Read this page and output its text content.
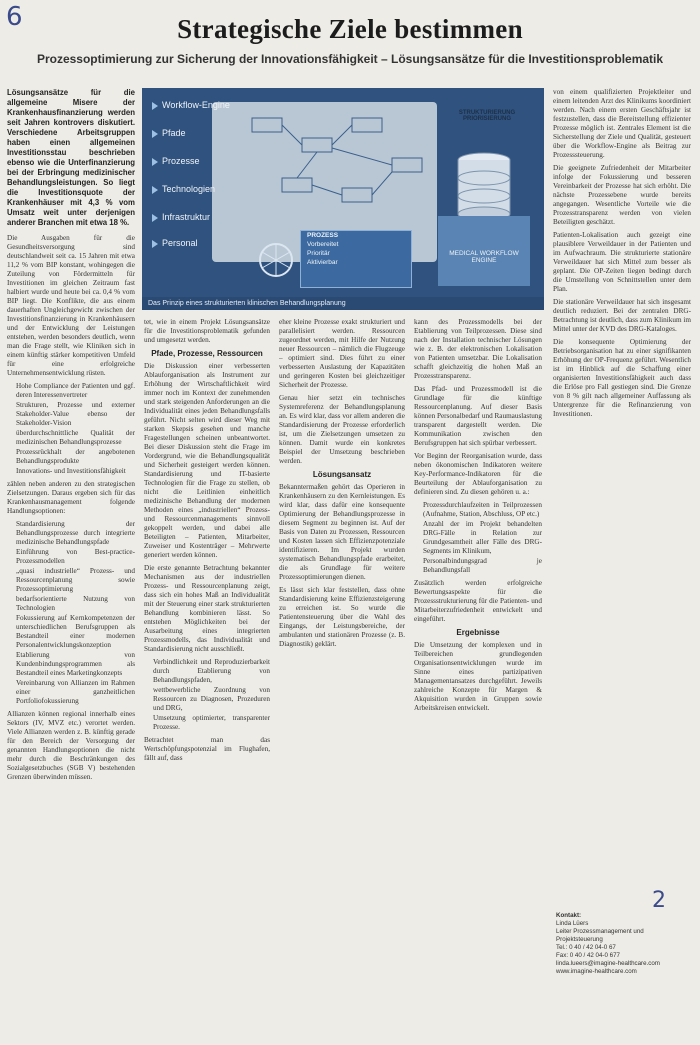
6	Strategische Ziele bestimmen
Prozessoptimierung zur Sicherung der Innovationsfähigkeit – Lösungsansätze für die Investitionsproblematik
Workflow-Engine
Pfade
Prozesse
Technologien
Infrastruktur
Personal
STRUKTURIERUNG PRIORISIERUNG
PROZESS
Vorbereitet
Prioritär
Aktivierbar
MEDICAL WORKFLOW ENGINE
Das Prinzip eines strukturierten klinischen Behandlungsplanung

Lösungsansätze für die allgemeine Misere der Krankenhausfinanzierung werden seit Jahren kontrovers diskutiert. Verschiedene Arbeitsgruppen haben einen allgemeinen Investitionsstau beschrieben ebenso wie die Unterfinanzierung bei der Erbringung medizinischer Behandlungsleistungen. So liegt die Investitionsquote der Krankenhäuser mit 4,3 % vom Umsatz weit unter derjenigen anderer Branchen mit etwa 18 %.

Die Ausgaben für die Gesundheitsversorgung sind deutschlandweit seit ca. 15 Jahren mit etwa 11,2 % vom BIP konstant, wohingegen die Zuteilung von Fördermitteln für Investitionen im gleichen Zeitraum fast halbiert wurde und heute bei ca. 0,4 % vom BIP liegt. Die Konflikte, die aus einem dauerhaften Ungleichgewicht zwischen der Investitionsfinanzierung in Krankenhäusern und der Entwicklung der Leistungen entstehen, werden besonders deutlich, wenn man die Frage stellt, wie Kliniken sich in einem künftig stärker kompetitiven Umfeld für eine erfolgreiche Unternehmensentwicklung rüsten.

• Hohe Compliance der Patienten und ggf. deren Interessenvertreter
• Strukturen, Prozesse und externer Stakeholder-Value ebenso der Stakeholder-Vision
• überdurchschnittliche Qualität der medizinischen Behandlungsprozesse
• Prozessrückhalt der angebotenen Behandlungsprodukte
• Innovations- und Investitionsfähigkeit

zählen neben anderen zu den strategischen Zielsetzungen. Daraus ergeben sich für das Krankenhausmanagement folgende Handlungsoptionen:

• Standardisierung der Behandlungsprozesse durch integrierte medizinische Behandlungspfade
• Einführung von Best-practice-Prozessmodellen
• „quasi industrielle“ Prozess- und Ressourcenplanung sowie Prozessoptimierung
• bedarfsorientierte Nutzung von Technologien
• Fokussierung auf Kernkompetenzen der unterschiedlichen Berufsgruppen als Bestandteil einer modernen Personalentwicklungskonzeption
• Etablierung von Kundenbindungsprogrammen als Bestandteil eines Marketingkonzepts
• Vereinbarung von Allianzen im Rahmen einer ganzheitlichen Portfoliofokussierung

Allianzen können regional innerhalb eines Sektors (IV, MVZ etc.) verortet werden. Viele Allianzen werden z. B. künftig gerade für den Bereich der Versorgung der genannten Handlungsoptionen die nicht mehr durch die Beschränkungen des Sozialgesetzbuches (SGB V) bestehenden Grenzen überwinden müssen.

tet, wie in einem Projekt Lösungsansätze für die Investitionsproblematik gefunden und umgesetzt werden.

Pfade, Prozesse, Ressourcen

Die Diskussion einer verbesserten Ablauforganisation als Instrument zur Erhöhung der Wirtschaftlichkeit wird immer noch im Kontext der zunehmenden und stark steigenden Anforderungen an die Individualität eines jeden Behandlungsfalls geführt. Nicht selten wird dieser Weg mit starken Skepsis gesehen und manche Fragestellungen scheinen unbeantwortet. Bei dieser Diskussion steht die Frage im Vordergrund, wie die Behandlungsqualität und Sicherheit gesteigert werden können. Standardisierung und IT-basierte Technologien für die Frage zu stellen, ob nicht die Leitlinien einheitlich medizinische Behandlung der modernen Methoden eines „industriellen“ Prozess- und Ressourcenmanagements sinnvoll gekoppelt werden, und dabei alle Beteiligten – Patienten, Mitarbeiter, Zuweiser und Kostenträger – Mehrwerte generiert werden können.

Die erste genannte Betrachtung bekannter Mechanismen aus der industriellen Prozess- und Ressourcenplanung zeigt, dass sich ein hohes Maß an Individualität mit der Steuerung einer stark strukturierten Behandlung kombinieren lässt. So entstehen Möglichkeiten bei der Ausarbeitung eines integrierten Prozessmodells, das Individualität und Standardisierung nicht ausschließt.

• Verbindlichkeit und Reproduzierbarkeit durch Etablierung von Behandlungspfaden,
• wettbewerbliche Zuordnung von Ressourcen zu Diagnosen, Prozeduren und DRG,
• Umsetzung optimierter, transparenter Prozesse.

Betrachtet man das Wertschöpfungspotenzial im Flughafen, fällt auf, dass

eher kleine Prozesse exakt strukturiert und parallelisiert werden. Ressourcen zugeordnet werden, mit Hilfe der Nutzung neuer Ressourcen – nämlich die Flugzeuge – optimiert sind. Dies führt zu einer verbesserten Auslastung der Kapazitäten und geringeren Kosten bei gleichzeitiger Sicherheit der Prozesse.

Genau hier setzt ein technisches Systemreferenz der Behandlungsplanung an. Es wird klar, dass vor allem anderen die Standardisierung der Prozesse erforderlich ist, um die Zielsetzungen umsetzen zu können. Damit wurde ein konkretes Beispiel der Umsetzung beschrieben werden.

Lösungsansatz

Bekanntermaßen gehört das Operieren in Krankenhäusern zu den Kernleistungen. Es wird klar, dass dafür eine konsequente Optimierung der Behandlungsprozesse in diesem Segment zu beginnen ist. Auf der Basis von Daten zu Prozessen, Ressourcen und Kosten lassen sich Effizienzpotenziale identifizieren. Im Projekt wurden systematisch Behandlungspfade erarbeitet, die als Grundlage für weitere Prozessoptimierungen dienen.

Es lässt sich klar feststellen, dass ohne Standardisierung keine Effizienzsteigerung zu erreichen ist. So wurde die Patientensteuerung über die Wahl des Eingangs, der Leistungsbereiche, der ambulanten und stationären Prozesse (z. B. Diagnostik) geklärt.

kann des Prozessmodells bei der Etablierung von Teilprozessen. Diese sind nach der Installation technischer Lösungen wie z. B. der elektronischen Lokalisation von Patienten umsetzbar. Die Lokalisation schafft gleichzeitig die hohen Maß an Prozesstransparenz.

Das Pfad- und Prozessmodell ist die Grundlage für die künftige Ressourcenplanung. Auf dieser Basis können Personalbedarf und Raumauslastung transparent dargestellt werden. Die Kommunikation zwischen den Berufsgruppen hat sich spürbar verbessert.

Vor Beginn der Reorganisation wurde, dass neben ökonomischen Indikatoren weitere Key-Performance-Indikatoren für die Beurteilung der Ablauforganisation zu definieren sind. Zu diesen gehören u. a.:

• Prozessdurchlaufzeiten in Teilprozessen (Aufnahme, Station, Abschluss, OP etc.)
• Anzahl der im Projekt behandelten DRG-Fälle in Relation zur Grundgesamtheit aller Fälle des DRG-Segments im Klinikum,
• Personalbindungsgrad je Behandlungsfall

Zusätzlich werden erfolgreiche Bewertungsaspekte für die Prozessstrukturierung für die Patienten- und Mitarbeiterzufriedenheit entwickelt und eingeführt.

Ergebnisse

Die Umsetzung der komplexen und in Teilbereichen grundlegenden Organisationsentwicklungen wurde im Sinne eines partizipativen Managementansatzes durchgeführt. Jeweils zahlreiche Konzepte für Margen & Akquisition wurden in Gruppen sowie Arbeitskreisen entwickelt.

von einem qualifizierten Projektleiter und einem leitenden Arzt des Klinikums koordiniert werden. Nach einem ersten Geschäftsjahr ist festzustellen, dass die Bereitstellung effizienter Prozesse möglich ist. Zentrales Element ist die Sicherstellung der Ziele und Qualität, gesteuert über die Workflow-Engine als Beitrag zur Prozesssteuerung.

Die geeignete Zufriedenheit der Mitarbeiter infolge der Fokussierung und besseren Vereinbarkeit der Prozesse hat sich erhöht. Die nächste Prozessebene wurde bereits angegangen. Wesentliche Vorteile wie die Prozesstransparenz werden von vielen Beteiligten geschätzt.

Patienten-Lokalisation auch gezeigt eine plausiblere Verweildauer in der Patienten und im Aufwachraum. Die strukturierte stationäre Verweildauer hat sich Mittel zum besser als geplant. Die OP-Zeiten liegen bedingt durch die Umstellung von Schnittstellen unter dem Plan.

Die stationäre Verweildauer hat sich insgesamt deutlich reduziert. Bei der zentralen DRG-Betrachtung ist deutlich, dass zum Klinikum im Mittel unter der KVD des DRG-Kataloges.

Die konsequente Optimierung der Betriebsorganisation hat zu einer signifikanten Erhöhung der OP-Frequenz geführt. Wesentlich ist im Hinblick auf die Schaffung einer organisierten Investitionsfähigkeit auch dass die Erlöse pro Fall gestiegen sind. Die Grenze von 8 % gilt nach allgemeiner Auffassung als Untergrenze für die Refinanzierung von Investitionen.

2
Kontakt:
Linda Lüers
Leiter Prozessmanagement und
Projektsteuerung
Tel.: 0 40 / 42 04-0 67
Fax: 0 40 / 42 04-0 677
linda.lueers@imagine-healthcare.com
www.imagine-healthcare.com
